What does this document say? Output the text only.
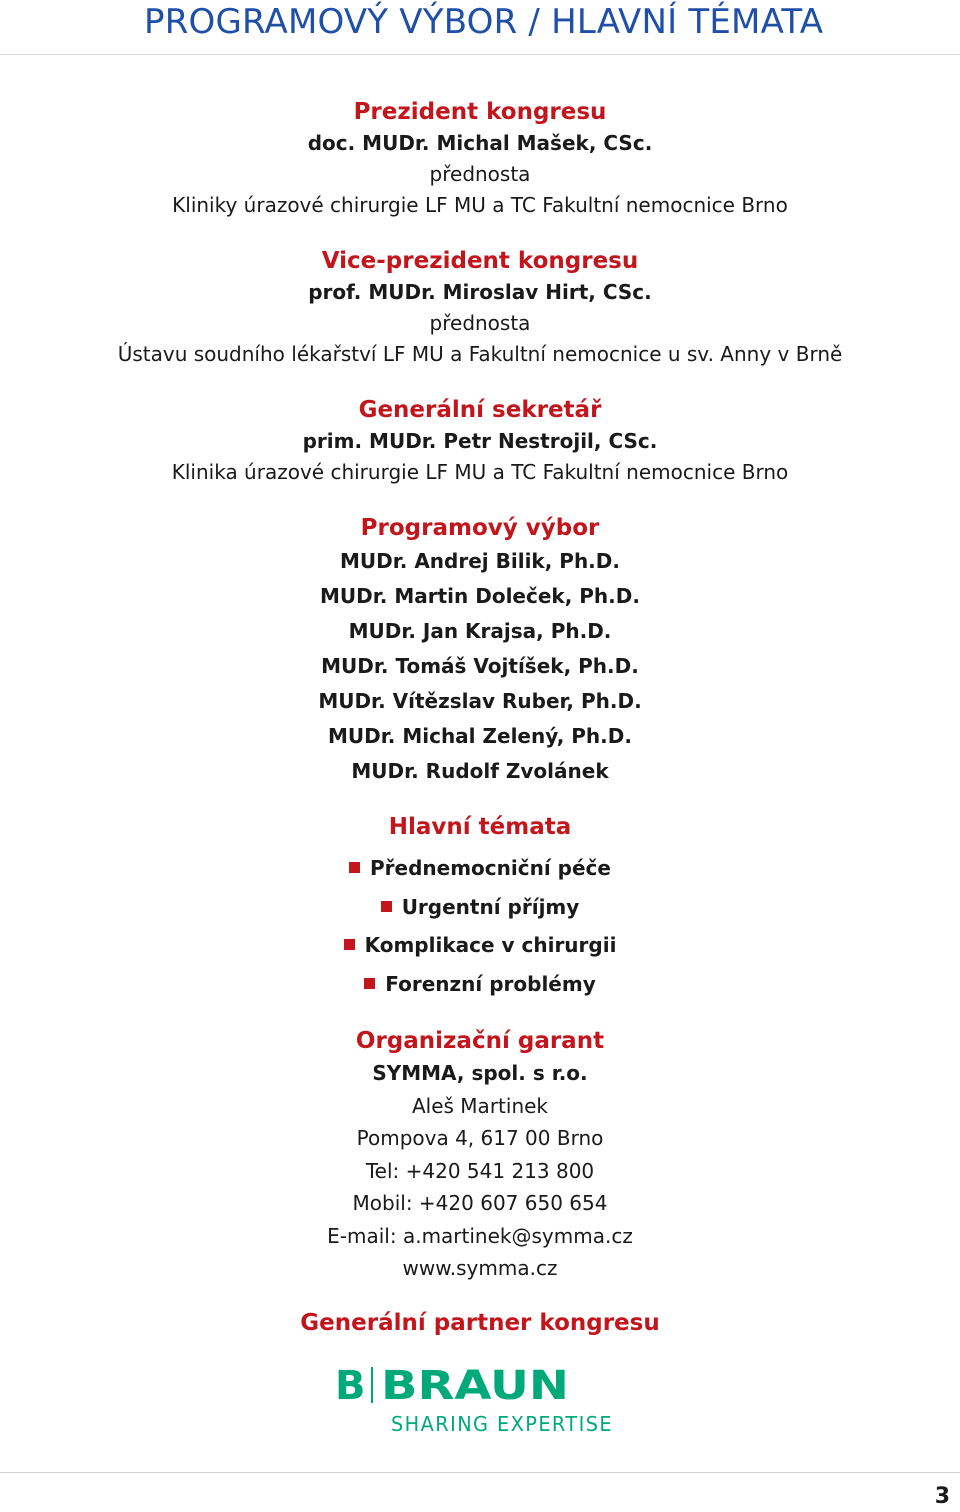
PROGRAMOVÝ VÝBOR / HLAVNÍ TÉMATA
Prezident kongresu
doc. MUDr. Michal Mašek, CSc.
přednosta
Kliniky úrazové chirurgie LF MU a TC Fakultní nemocnice Brno
Vice-prezident kongresu
prof. MUDr. Miroslav Hirt, CSc.
přednosta
Ústavu soudního lékařství LF MU a Fakultní nemocnice u sv. Anny v Brně
Generální sekretář
prim. MUDr. Petr Nestrojil, CSc.
Klinika úrazové chirurgie LF MU a TC Fakultní nemocnice Brno
Programový výbor
MUDr. Andrej Bilik, Ph.D.
MUDr. Martin Doleček, Ph.D.
MUDr. Jan Krajsa, Ph.D.
MUDr. Tomáš Vojtíšek, Ph.D.
MUDr. Vítězslav Ruber, Ph.D.
MUDr. Michal Zelený, Ph.D.
MUDr. Rudolf Zvolánek
Hlavní témata
Přednemocniční péče
Urgentní příjmy
Komplikace v chirurgii
Forenzní problémy
Organizační garant
SYMMA, spol. s r.o.
Aleš Martinek
Pompova 4, 617 00 Brno
Tel: +420 541 213 800
Mobil: +420 607 650 654
E-mail: a.martinek@symma.cz
www.symma.cz
Generální partner kongresu
B BRAUN
SHARING EXPERTISE
3
